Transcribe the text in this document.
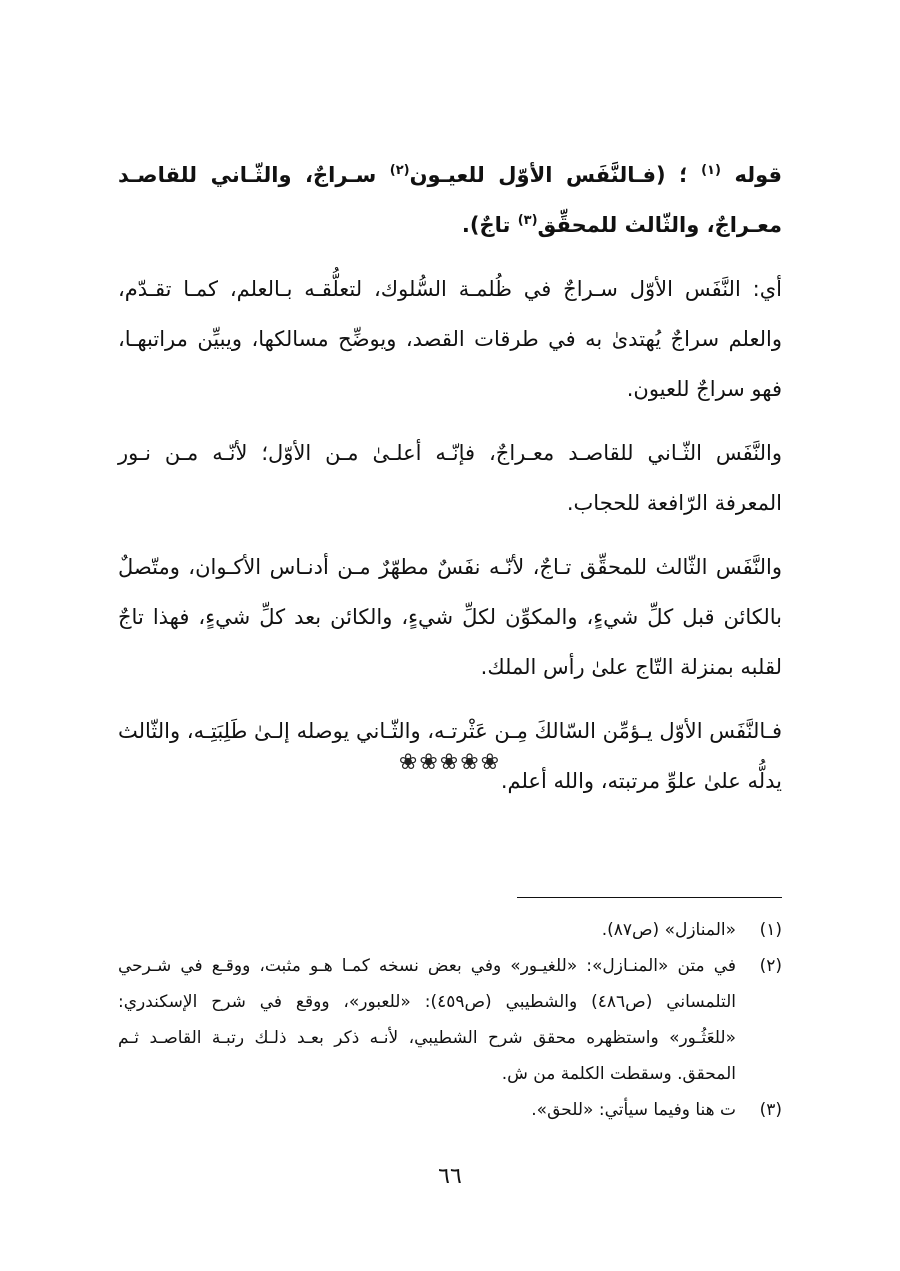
قوله $^{(١)}$ ؛ (فـالنَّفَس الأوّل للعيـون$^{(٢)}$ سـراجٌ، والثّـاني للقاصـد معـراجٌ، والثّالث للمحقِّق$^{(٣)}$ تاجٌ).

أي: النَّفَس الأوّل سـراجٌ في ظُلمـة السُّلوك، لتعلُّقـه بـالعلم، كمـا تقـدّم، والعلم سراجٌ يُهتدىٰ به في طرقات القصد، ويوضِّح مسالكها، ويبيِّن مراتبهـا، فهو سراجٌ للعيون.

والنَّفَس الثّـاني للقاصـد معـراجٌ، فإنّـه أعلـىٰ مـن الأوّل؛ لأنّـه مـن نـور المعرفة الرّافعة للحجاب.

والنَّفَس الثّالث للمحقِّق تـاجٌ، لأنّـه نفَسٌ مطهّرٌ مـن أدنـاس الأكـوان، ومتّصلٌ بالكائن قبل كلِّ شيءٍ، والمكوِّن لكلِّ شيءٍ، والكائن بعد كلِّ شيءٍ، فهذا تاجٌ لقلبه بمنزلة التّاج علىٰ رأس الملك.

فـالنَّفَس الأوّل يـؤمِّن السّالكَ مِـن عَثْرتـه، والثّـاني يوصله إلـىٰ طَلِبَتِـه، والثّالث يدلُّه علىٰ علوِّ مرتبته، والله أعلم.

❀❀❀❀❀
(١)
«المنازل» (ص٨٧).
(٢)
في متن «المنـازل»: «للغيـور» وفي بعض نسخه كمـا هـو مثبت، ووقـع في شـرحي التلمساني (ص٤٨٦) والشطيبي (ص٤٥٩): «للعبور»، ووقع في شرح الإسكندري: «للعَثُـور» واستظهره محقق شرح الشطيبي، لأنـه ذكر بعـد ذلـك رتبـة القاصـد ثـم المحقق. وسقطت الكلمة من ش.
(٣)
ت هنا وفيما سيأتي: «للحق».
٦٦
